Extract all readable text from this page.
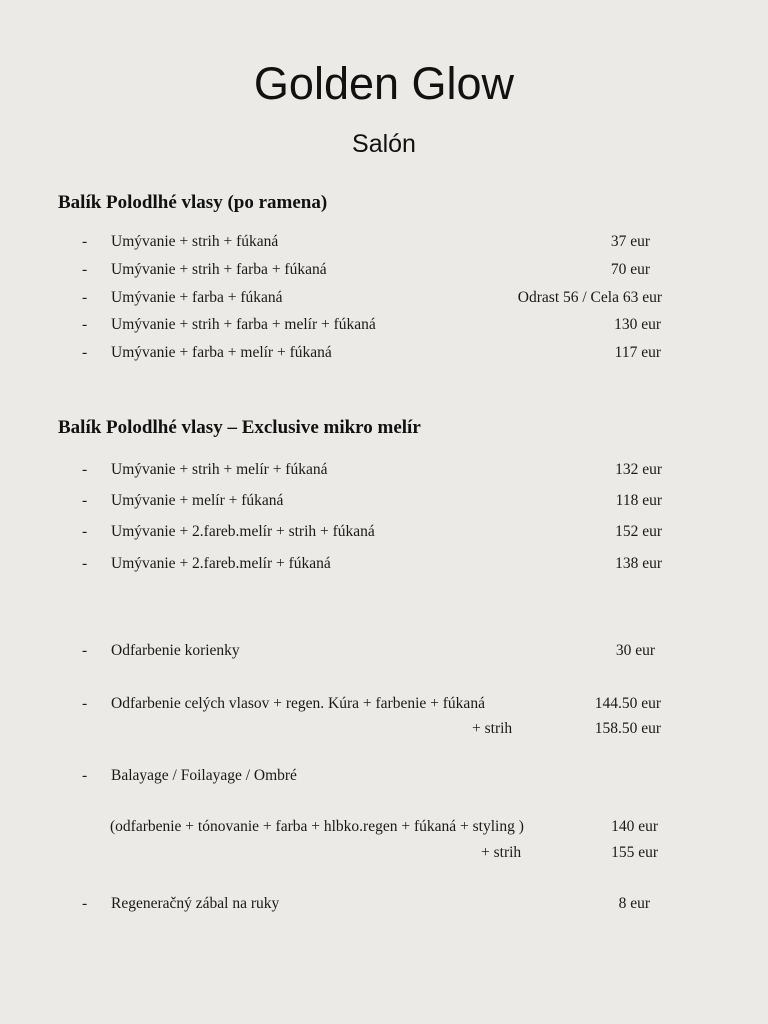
Golden Glow
Salón
Balík Polodlhé vlasy (po ramena)
- Umývanie + strih + fúkaná	37 eur
- Umývanie + strih + farba + fúkaná	70 eur
- Umývanie + farba + fúkaná	Odrast 56 / Cela 63 eur
- Umývanie + strih + farba + melír + fúkaná	130 eur
- Umývanie + farba + melír + fúkaná	117 eur
Balík Polodlhé vlasy – Exclusive mikro melír
- Umývanie + strih + melír + fúkaná	132 eur
- Umývanie + melír + fúkaná	118 eur
- Umývanie + 2.fareb.melír + strih + fúkaná	152 eur
- Umývanie + 2.fareb.melír + fúkaná	138 eur
- Odfarbenie korienky	30 eur
- Odfarbenie celých vlasov + regen. Kúra + farbenie + fúkaná	144.50 eur
+ strih	158.50 eur
- Balayage / Foilayage / Ombré
(odfarbenie + tónovanie + farba + hlbko.regen + fúkaná + styling )	140 eur
+ strih	155 eur
- Regeneračný zábal na ruky	8 eur
